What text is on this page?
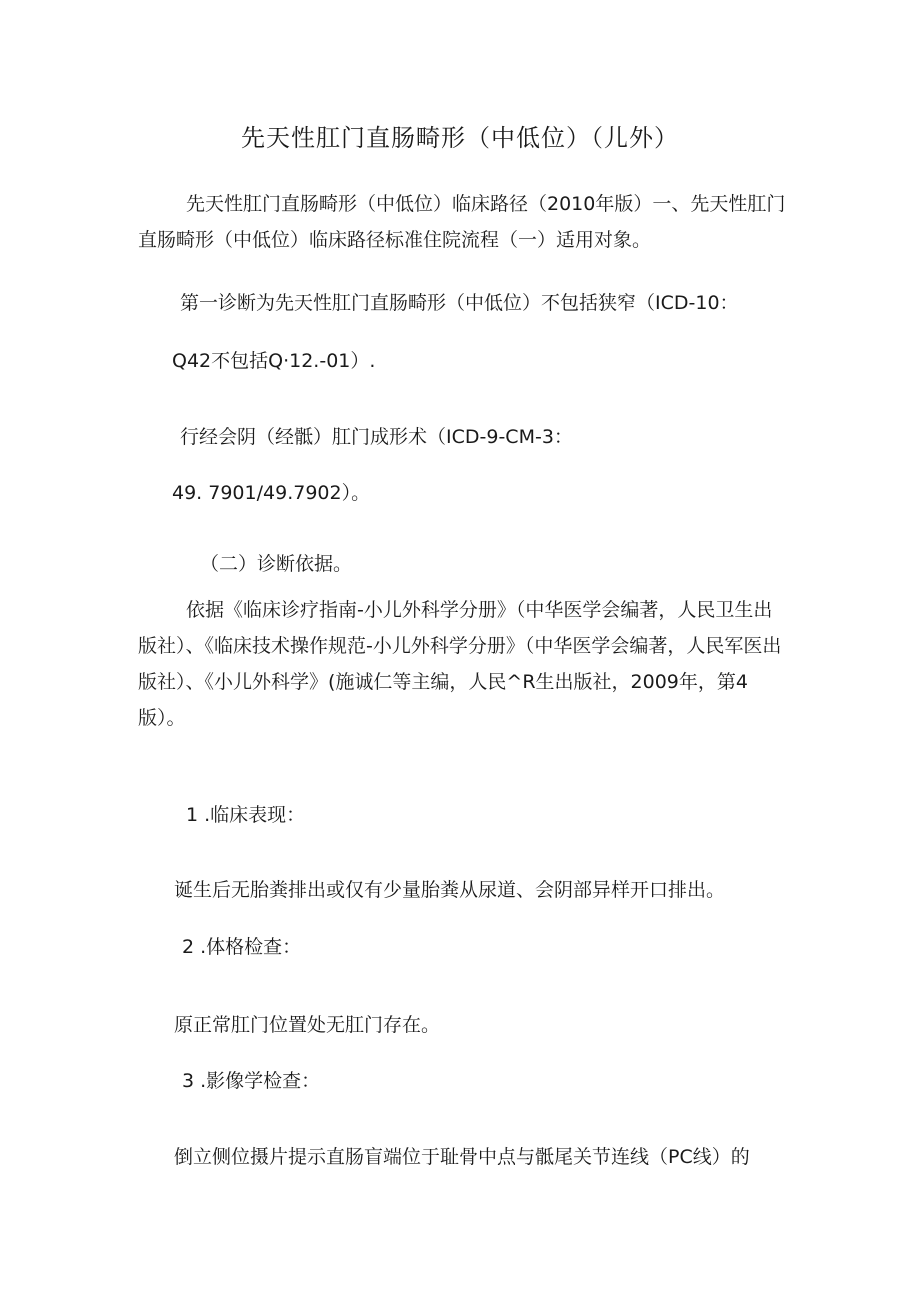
先天性肛门直肠畸形（中低位）（儿外）
先天性肛门直肠畸形（中低位）临床路径（2010年版）一、先天性肛门直肠畸形（中低位）临床路径标准住院流程（一）适用对象。
第一诊断为先天性肛门直肠畸形（中低位）不包括狭窄（ICD-10：
Q42不包括Q·12.-01）.
行经会阴（经骶）肛门成形术（ICD-9-CM-3：
49. 7901/49.7902）。
（二）诊断依据。
依据《临床诊疗指南-小儿外科学分册》（中华医学会编著，人民卫生出版社）、《临床技术操作规范-小儿外科学分册》（中华医学会编著，人民军医出版社）、《小儿外科学》(施诚仁等主编，人民^R生出版社，2009年，第4版）。
1 .临床表现：
诞生后无胎粪排出或仅有少量胎粪从尿道、会阴部异样开口排出。
2 .体格检查：
原正常肛门位置处无肛门存在。
3 .影像学检查：
倒立侧位摄片提示直肠盲端位于耻骨中点与骶尾关节连线（PC线）的
